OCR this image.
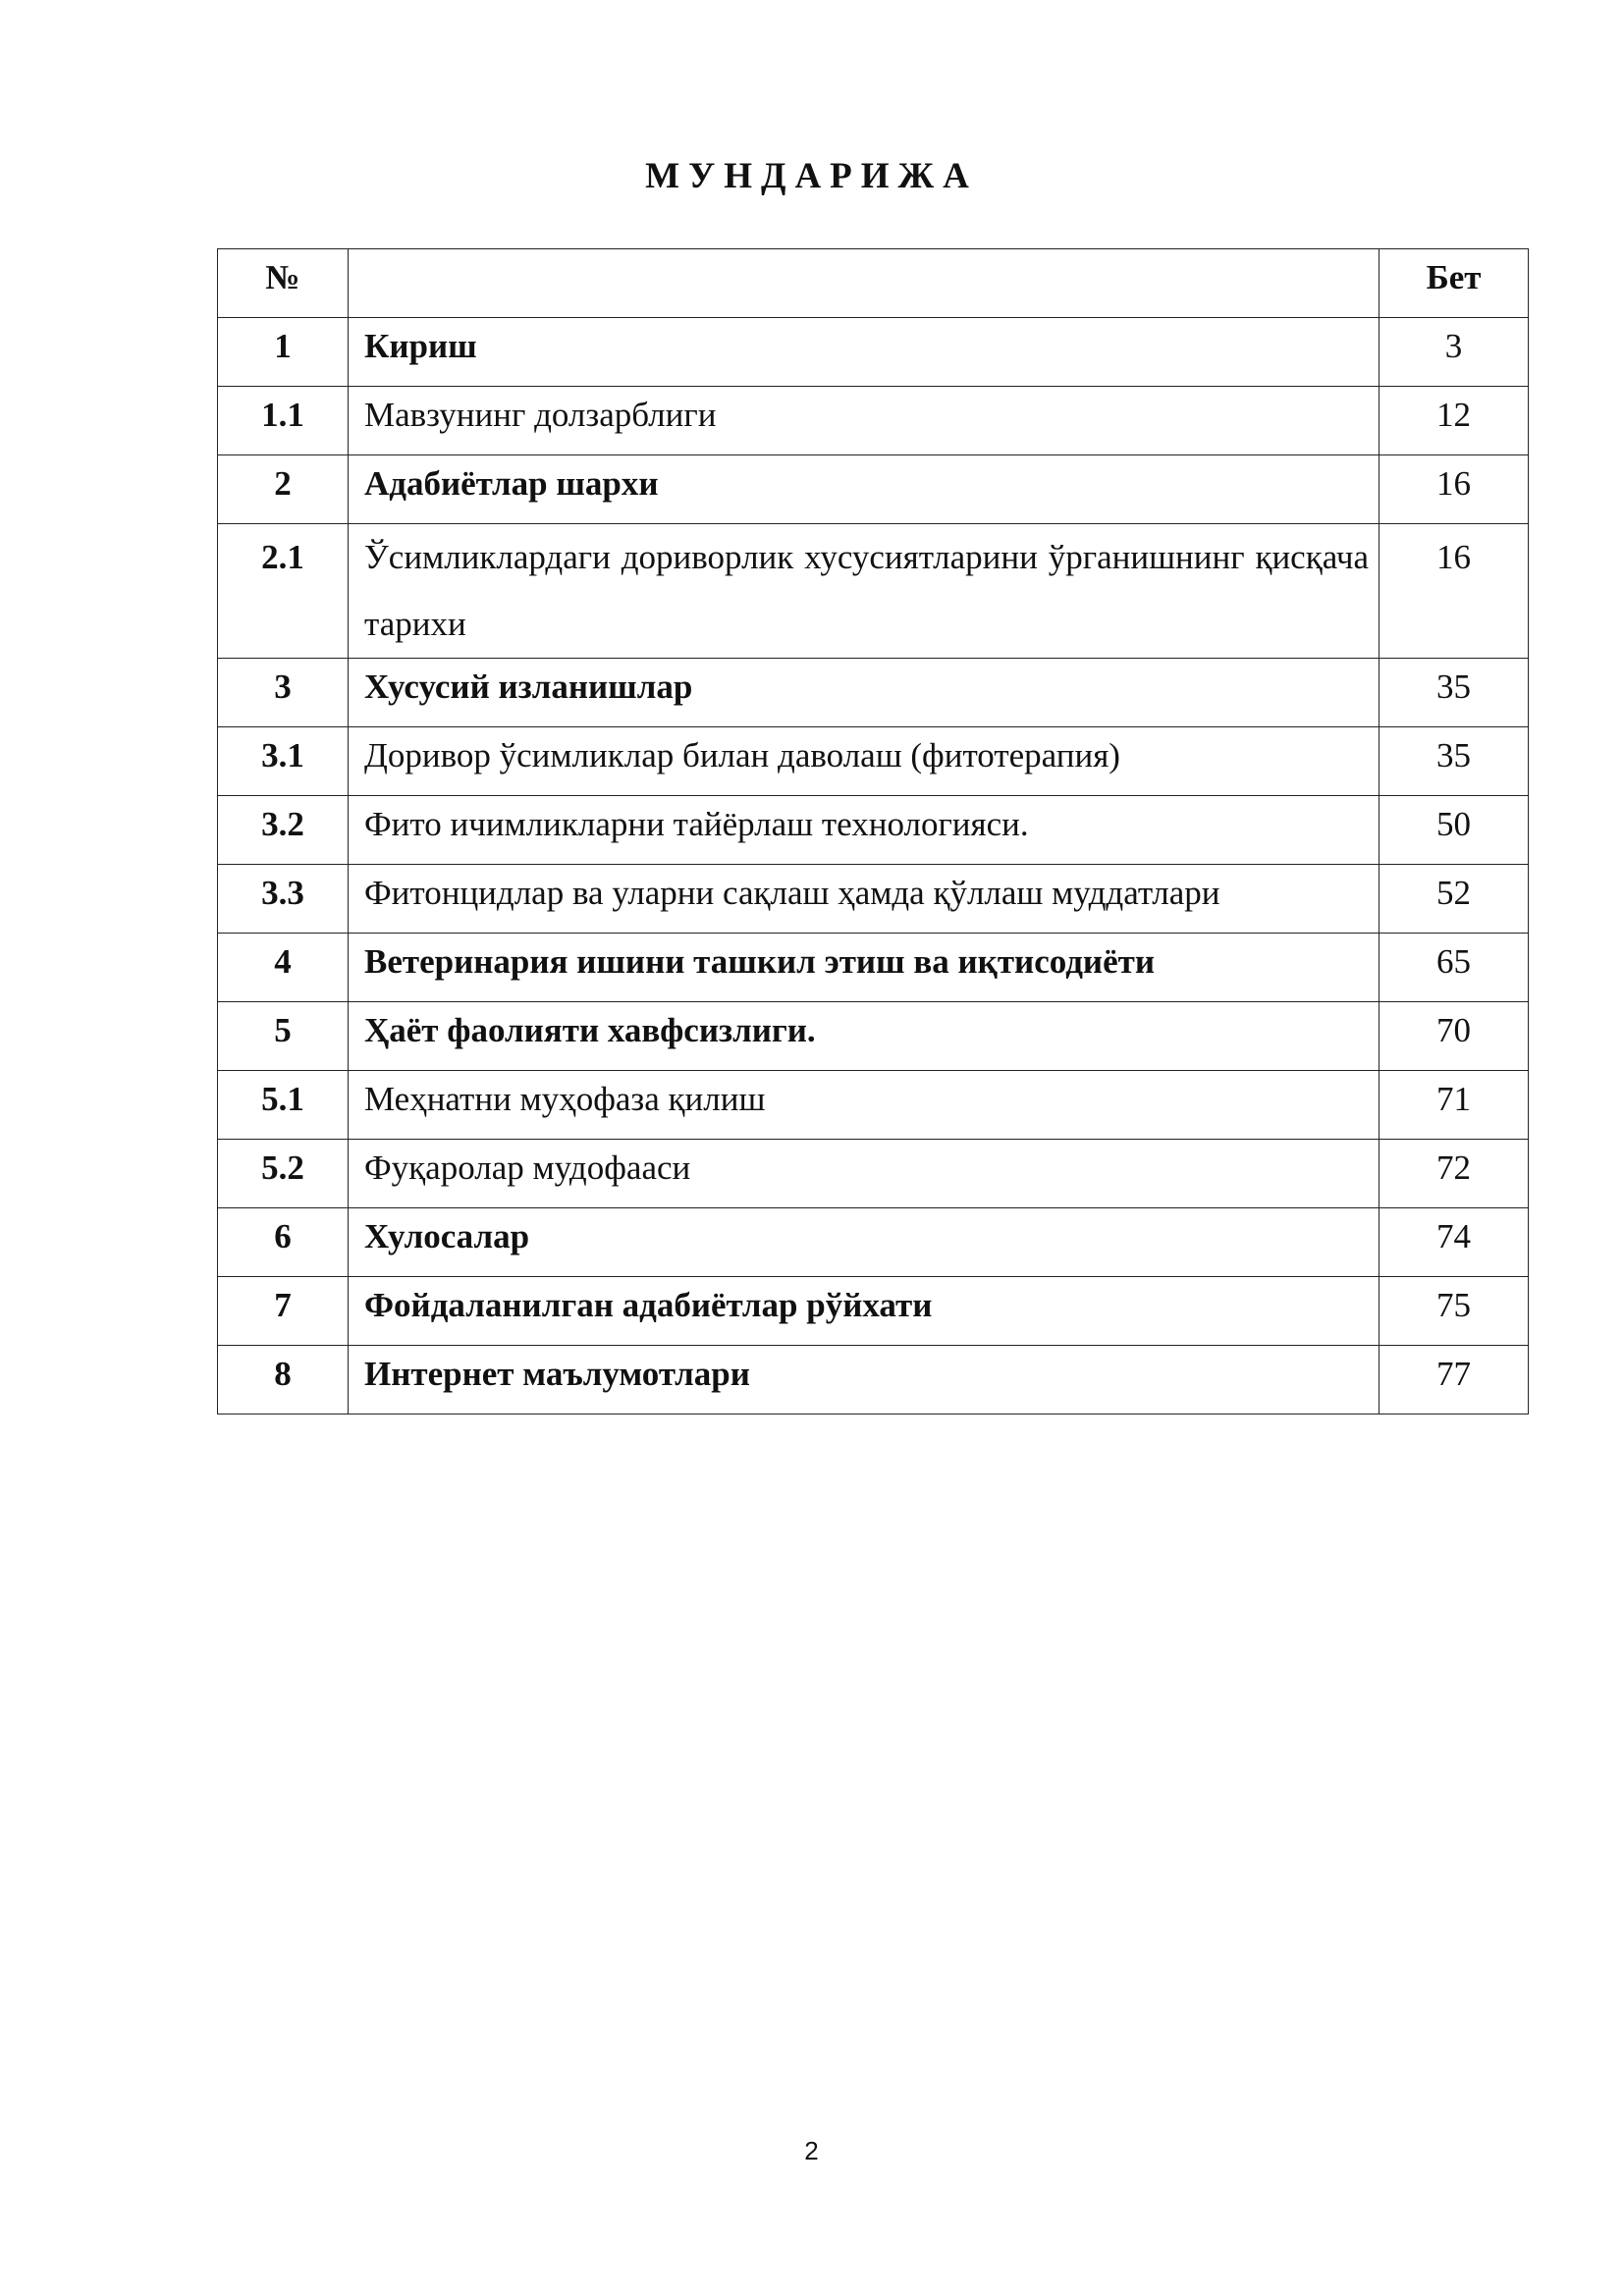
МУНДАРИЖА
№		Бет
1	Кириш	3
1.1	Мавзунинг долзарблиги	12
2	Адабиётлар шархи	16
2.1	Ўсимликлардаги дориворлик хусусиятларини ўрганишнинг қисқача тарихи	16
3	Хусусий изланишлар	35
3.1	Доривор ўсимликлар билан даволаш (фитотерапия)	35
3.2	Фито ичимликларни тайёрлаш технологияси.	50
3.3	Фитонцидлар ва уларни сақлаш ҳамда қўллаш муддатлари	52
4	Ветеринария ишини ташкил этиш ва иқтисодиёти	65
5	Ҳаёт фаолияти хавфсизлиги.	70
5.1	Меҳнатни муҳофаза қилиш	71
5.2	Фуқаролар мудофааси	72
6	Хулосалар	74
7	Фойдаланилган адабиётлар рўйхати	75
8	Интернет маълумотлари	77
2
